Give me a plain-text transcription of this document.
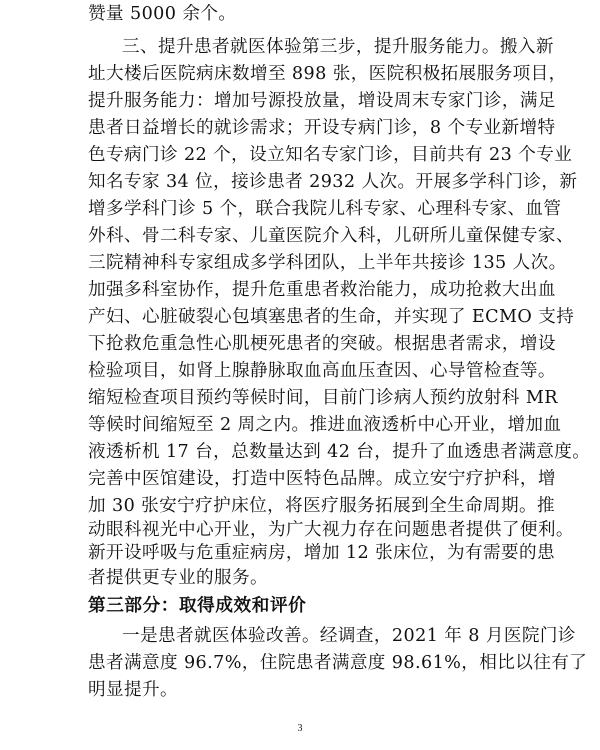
赞量 5000 余个。
三、提升患者就医体验第三步，提升服务能力。搬入新
址大楼后医院病床数增至 898 张，医院积极拓展服务项目，
提升服务能力：增加号源投放量，增设周末专家门诊，满足
患者日益增长的就诊需求；开设专病门诊，8 个专业新增特
色专病门诊 22 个，设立知名专家门诊，目前共有 23 个专业
知名专家 34 位，接诊患者 2932 人次。开展多学科门诊，新
增多学科门诊 5 个，联合我院儿科专家、心理科专家、血管
外科、骨二科专家、儿童医院介入科，儿研所儿童保健专家、
三院精神科专家组成多学科团队，上半年共接诊 135 人次。
加强多科室协作，提升危重患者救治能力，成功抢救大出血
产妇、心脏破裂心包填塞患者的生命，并实现了 ECMO 支持
下抢救危重急性心肌梗死患者的突破。根据患者需求，增设
检验项目，如肾上腺静脉取血高血压查因、心导管检查等。
缩短检查项目预约等候时间，目前门诊病人预约放射科 MR
等候时间缩短至 2 周之内。推进血液透析中心开业，增加血
液透析机 17 台，总数量达到 42 台，提升了血透患者满意度。
完善中医馆建设，打造中医特色品牌。成立安宁疗护科，增
加 30 张安宁疗护床位，将医疗服务拓展到全生命周期。推
动眼科视光中心开业，为广大视力存在问题患者提供了便利。
3
新开设呼吸与危重症病房，增加 12 张床位，为有需要的患
者提供更专业的服务。
第三部分：取得成效和评价
一是患者就医体验改善。经调查，2021 年 8 月医院门诊
患者满意度 96.7%，住院患者满意度 98.61%，相比以往有了
明显提升。
